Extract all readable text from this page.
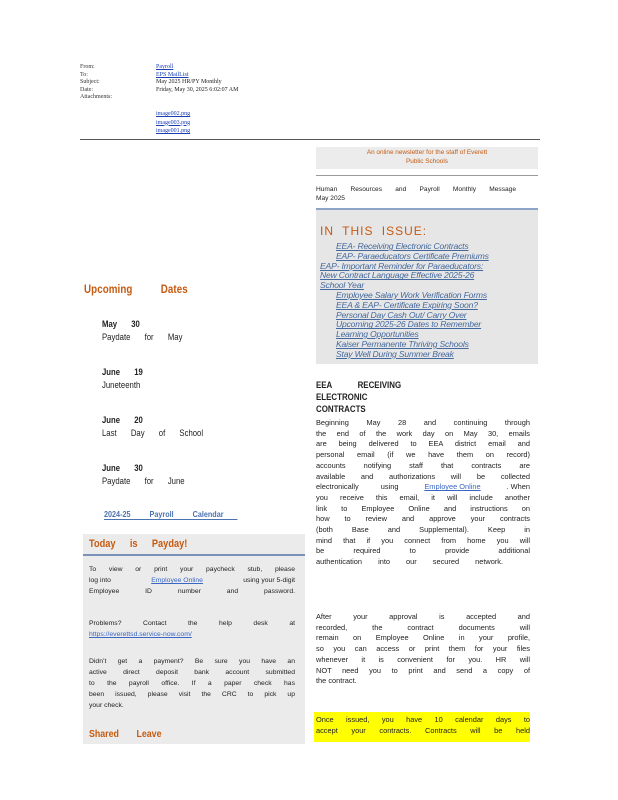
From:	Payroll
To:	EPS MailList
Subject:	May 2025 HR/PY Monthly
Date:	Friday, May 30, 2025 6:02:07 AM
Attachments:
image002.png
image003.png
image001.png
Upcoming Dates
May 30
Paydate for May
June 19
Juneteenth
June 20
Last Day of School
June 30
Paydate for June
2024-25 Payroll Calendar
Today is Payday!
To view or print your paycheck stub, please
log into	Employee Online	using your 5-digit
Employee ID number and password.
Problems? Contact the help desk at
https://everettsd.service-now.com/
Didn’t get a payment? Be sure you have an
active direct deposit bank account submitted
to the payroll office. If a paper check has
been issued, please visit the CRC to pick up
your check.
Shared Leave
An online newsletter for the staff of Everett
Public Schools
Human Resources and Payroll Monthly Message
May 2025
IN THIS ISSUE:
EEA- Receiving Electronic Contracts
EAP- Paraeducators Certificate Premiums
EAP- Important Reminder for Paraeducators:
New Contract Language Effective 2025-26
School Year
Employee Salary Work Verification Forms
EEA & EAP- Certificate Expiring Soon?
Personal Day Cash Out/ Carry Over
Upcoming 2025-26 Dates to Remember
Learning Opportunities
Kaiser Permanente Thriving Schools
Stay Well During Summer Break
EEA RECEIVING ELECTRONIC
CONTRACTS
Beginning May 28 and continuing through
the end of the work day on May 30, emails
are being delivered to EEA district email and
personal email (if we have them on record)
accounts notifying staff that contracts are
available and authorizations will be collected
electronically using	Employee Online	. When
you receive this email, it will include another
link to Employee Online and instructions on
how to review and approve your contracts
(both Base and Supplemental). Keep in
mind that if you connect from home you will
be required to provide additional
authentication into our secured network.
After your approval is accepted and
recorded, the contract documents will
remain on Employee Online in your profile,
so you can access or print them for your files
whenever it is convenient for you. HR will
NOT need you to print and send a copy of
the contract.
Once issued, you have 10 calendar days to
accept your contracts. Contracts will be held
